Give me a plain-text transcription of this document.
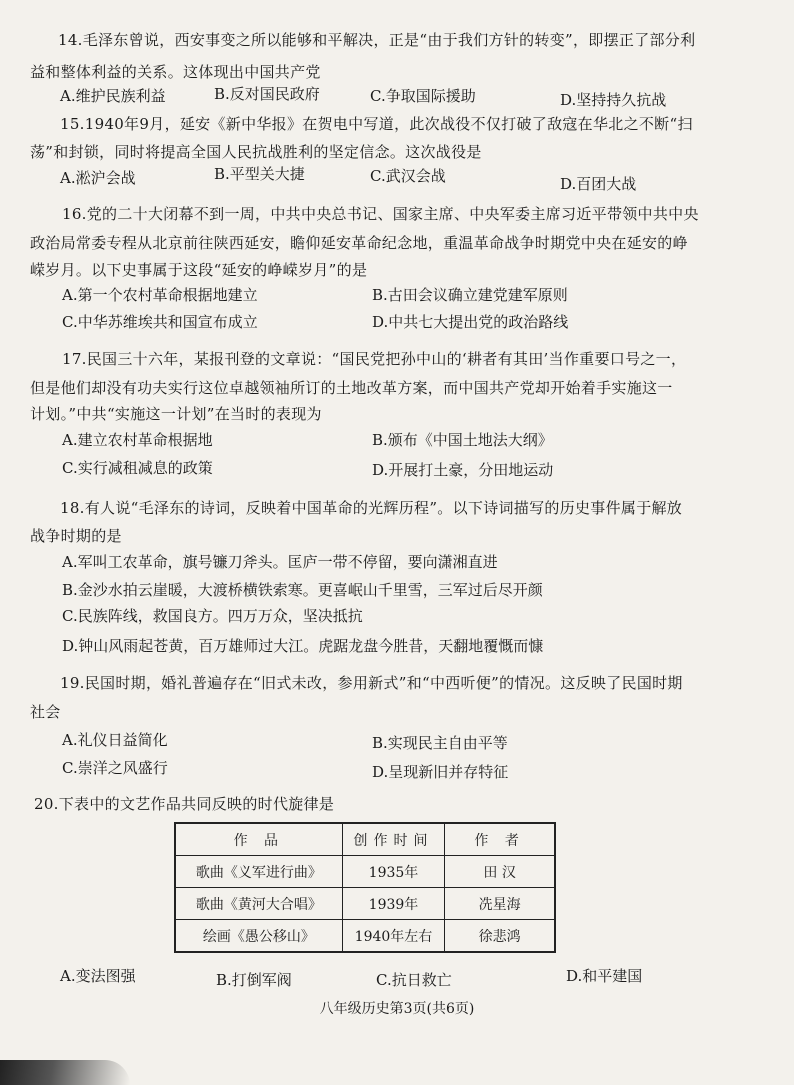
14.毛泽东曾说，西安事变之所以能够和平解决，正是“由于我们方针的转变”，即摆正了部分利
益和整体利益的关系。这体现出中国共产党
A.维护民族利益	B.反对国民政府	C.争取国际援助	D.坚持持久抗战
15.1940年9月，延安《新中华报》在贺电中写道，此次战役不仅打破了敌寇在华北之不断“扫
荡”和封锁，同时将提高全国人民抗战胜利的坚定信念。这次战役是
A.淞沪会战	B.平型关大捷	C.武汉会战	D.百团大战
16.党的二十大闭幕不到一周，中共中央总书记、国家主席、中央军委主席习近平带领中共中央
政治局常委专程从北京前往陕西延安，瞻仰延安革命纪念地，重温革命战争时期党中央在延安的峥
嵘岁月。以下史事属于这段“延安的峥嵘岁月”的是
A.第一个农村革命根据地建立	B.古田会议确立建党建军原则
C.中华苏维埃共和国宣布成立	D.中共七大提出党的政治路线
17.民国三十六年，某报刊登的文章说：“国民党把孙中山的‘耕者有其田’当作重要口号之一，
但是他们却没有功夫实行这位卓越领袖所订的土地改革方案，而中国共产党却开始着手实施这一
计划。”中共“实施这一计划”在当时的表现为
A.建立农村革命根据地	B.颁布《中国土地法大纲》
C.实行减租减息的政策	D.开展打土豪，分田地运动
18.有人说“毛泽东的诗词，反映着中国革命的光辉历程”。以下诗词描写的历史事件属于解放
战争时期的是
A.军叫工农革命，旗号镰刀斧头。匡庐一带不停留，要向潇湘直进
B.金沙水拍云崖暖，大渡桥横铁索寒。更喜岷山千里雪，三军过后尽开颜
C.民族阵线，救国良方。四万万众，坚决抵抗
D.钟山风雨起苍黄，百万雄师过大江。虎踞龙盘今胜昔，天翻地覆慨而慷
19.民国时期，婚礼普遍存在“旧式未改，参用新式”和“中西听便”的情况。这反映了民国时期
社会
A.礼仪日益简化	B.实现民主自由平等
C.崇洋之风盛行	D.呈现新旧并存特征
20.下表中的文艺作品共同反映的时代旋律是
作 品	创作时间	作 者
歌曲《义军进行曲》	1935年	田 汉
歌曲《黄河大合唱》	1939年	冼星海
绘画《愚公移山》	1940年左右	徐悲鸿
A.变法图强	B.打倒军阀	C.抗日救亡	D.和平建国
八年级历史第3页(共6页)
